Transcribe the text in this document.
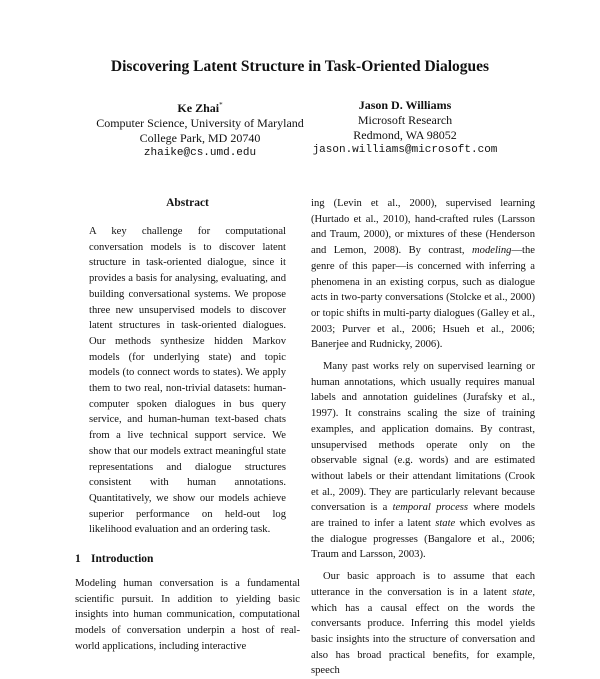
Discovering Latent Structure in Task-Oriented Dialogues
Ke Zhai*
Computer Science, University of Maryland
College Park, MD 20740
zhaike@cs.umd.edu
Jason D. Williams
Microsoft Research
Redmond, WA 98052
jason.williams@microsoft.com
Abstract
A key challenge for computational conversation models is to discover latent structure in task-oriented dialogue, since it provides a basis for analysing, evaluating, and building conversational systems. We propose three new unsupervised models to discover latent structures in task-oriented dialogues. Our methods synthesize hidden Markov models (for underlying state) and topic models (to connect words to states). We apply them to two real, non-trivial datasets: human-computer spoken dialogues in bus query service, and human-human text-based chats from a live technical support service. We show that our models extract meaningful state representations and dialogue structures consistent with human annotations. Quantitatively, we show our models achieve superior performance on held-out log likelihood evaluation and an ordering task.
1 Introduction

Modeling human conversation is a fundamental scientific pursuit. In addition to yielding basic insights into human communication, computational models of conversation underpin a host of real-world applications, including interactive

ing (Levin et al., 2000), supervised learning (Hurtado et al., 2010), hand-crafted rules (Larsson and Traum, 2000), or mixtures of these (Henderson and Lemon, 2008). By contrast, modeling—the genre of this paper—is concerned with inferring a phenomena in an existing corpus, such as dialogue acts in two-party conversations (Stolcke et al., 2000) or topic shifts in multi-party dialogues (Galley et al., 2003; Purver et al., 2006; Hsueh et al., 2006; Banerjee and Rudnicky, 2006).

Many past works rely on supervised learning or human annotations, which usually requires manual labels and annotation guidelines (Jurafsky et al., 1997). It constrains scaling the size of training examples, and application domains. By contrast, unsupervised methods operate only on the observable signal (e.g. words) and are estimated without labels or their attendant limitations (Crook et al., 2009). They are particularly relevant because conversation is a temporal process where models are trained to infer a latent state which evolves as the dialogue progresses (Bangalore et al., 2006; Traum and Larsson, 2003).

Our basic approach is to assume that each utterance in the conversation is in a latent state, which has a causal effect on the words the conversants produce. Inferring this model yields basic insights into the structure of conversation and also has broad practical benefits, for example, speech
